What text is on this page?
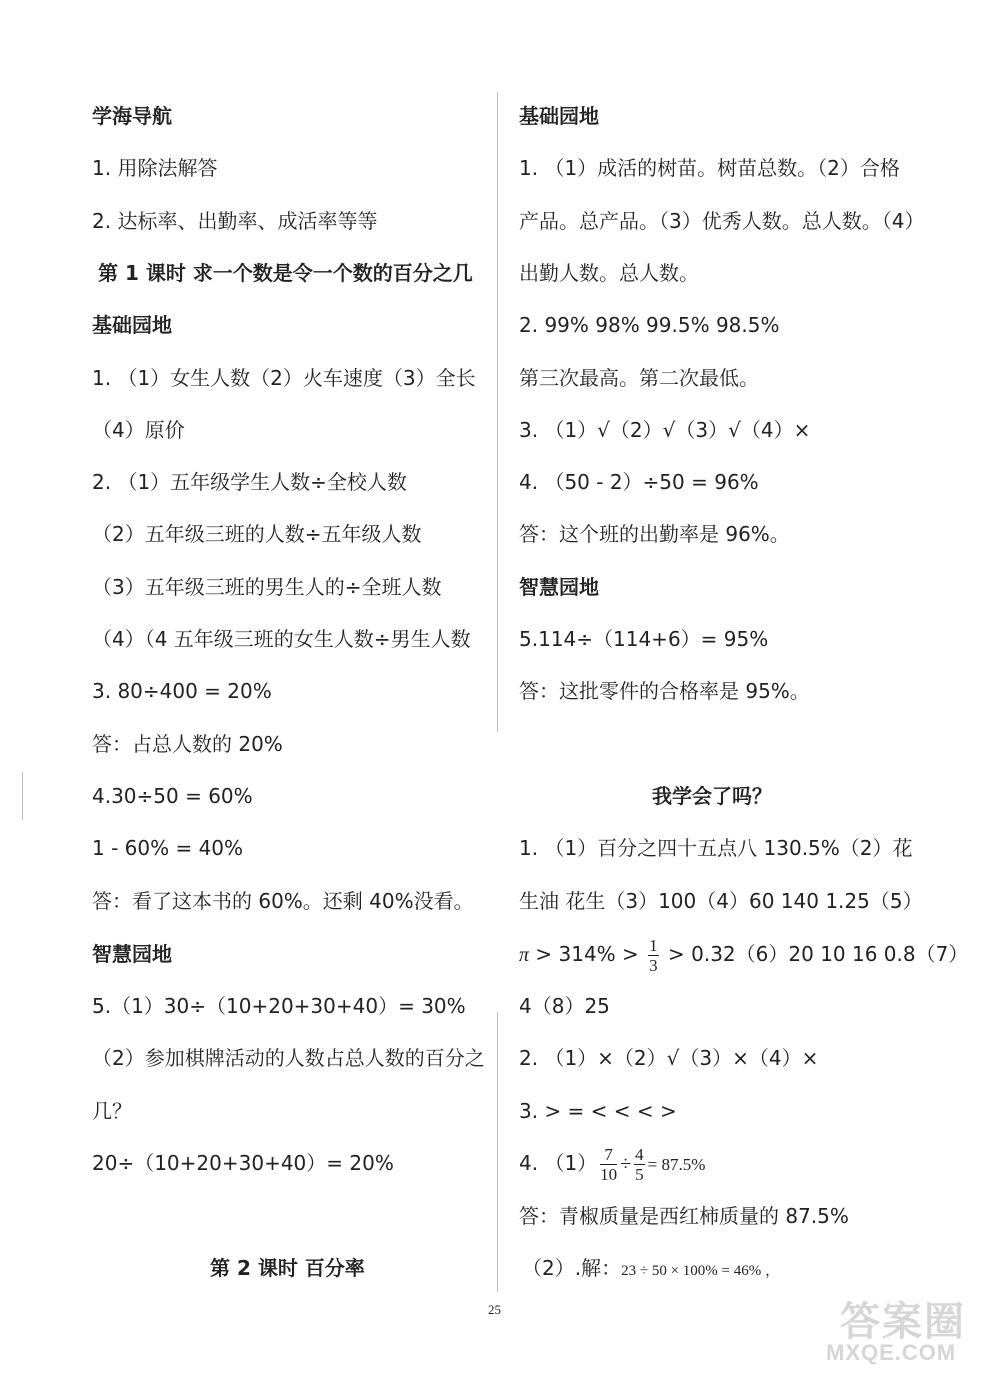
学海导航
1. 用除法解答
2. 达标率、出勤率、成活率等等
第 1 课时 求一个数是令一个数的百分之几
基础园地
1. （1）女生人数（2）火车速度（3）全长
（4）原价
2. （1）五年级学生人数÷全校人数
（2）五年级三班的人数÷五年级人数
（3）五年级三班的男生人的÷全班人数
（4）（4 五年级三班的女生人数÷男生人数
3. 80÷400 = 20%
答：占总人数的 20%
4.30÷50 = 60%
1 - 60% = 40%
答：看了这本书的 60%。还剩 40%没看。
智慧园地
5.（1）30÷（10+20+30+40）= 30%
（2）参加棋牌活动的人数占总人数的百分之
几？
20÷（10+20+30+40）= 20%
第 2 课时 百分率
基础园地
1. （1）成活的树苗。树苗总数。（2）合格
产品。总产品。（3）优秀人数。总人数。（4）
出勤人数。总人数。
2. 99% 98% 99.5% 98.5%
第三次最高。第二次最低。
3. （1）√（2）√（3）√（4）×
4. （50 - 2）÷50 = 96%
答：这个班的出勤率是 96%。
智慧园地
5.114÷（114+6）= 95%
答：这批零件的合格率是 95%。
我学会了吗？
1. （1）百分之四十五点八 130.5%（2）花
生油 花生（3）100（4）60 140 1.25（5）
$\pi > 314\% > \frac{1}{3} > 0.32(6)20$ 10 16 0.8（7）
4（8）25
2. （1）×（2）√（3）×（4）×
3. > = < < < >
4. $(1) \frac{7}{10} \div \frac{4}{5} = 87.5\%$
答：青椒质量是西红柿质量的 87.5%
（2）.解：23 ÷ 50 × 100% = 46% ，
25	答案圈
MXQE.COM
